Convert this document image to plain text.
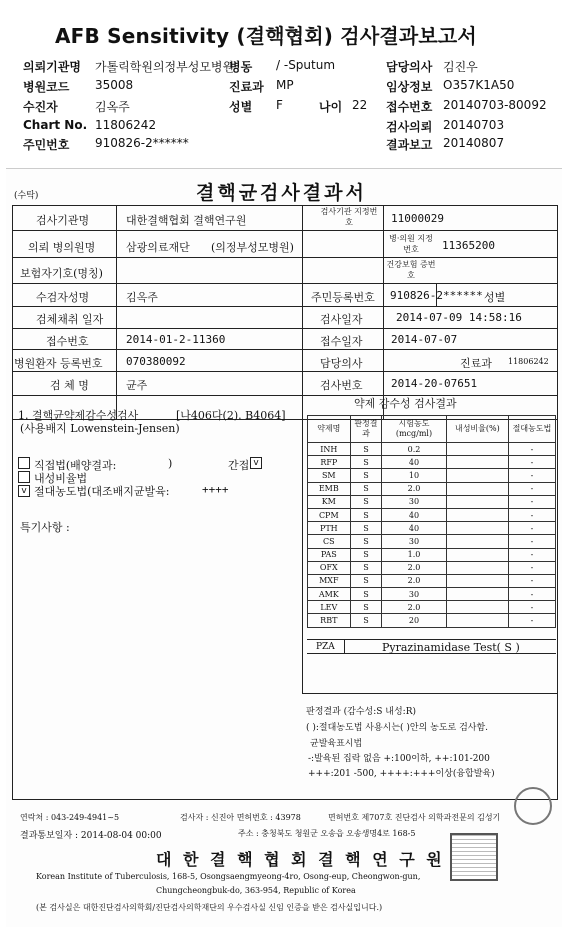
AFB Sensitivity (결핵협회) 검사결과보고서
의뢰기관명 가톨릭학원의정부성모병원
병원코드 35008
수진자	김옥주
Chart No. 11806242
주민번호 910826-2******
병동 / -Sputum
진료과 MP
성별 F	나이 22
담당의사 김진우
임상정보 O357K1A50
접수번호 20140703-80092
검사의뢰 20140703
결과보고 20140807
(수탁)	결핵균검사결과서
검사기관명	대한결핵협회 결핵연구원
검사기관 지정번호	11000029
의뢰 병의원명	삼광의료재단 (의정부성모병원)
병·의원 지정번호	11365200
보험자기호(명칭)
건강보험 증번호
수검자성명	김옥주	주민등록번호 910826-2****** 성별
검체채취 일자	검사일자	2014-07-09 14:58:16
접수번호	2014-01-2-11360	접수일자	2014-07-07
병원환자 등록번호 070380092	담당의사	진료과 11806242
검 체 명	균주	검사번호	2014-20-07651
1. 결핵균약제감수성검사	[나406다(2). B4064]
(사용배지 Lowenstein-Jensen)
직접법(배양결과:	)	간접 v
내성비율법
v 절대농도법(대조배지균발육:	++++
특기사항 :
약제 감수성 검사결과
약제명	판정결과	시험농도(mcg/ml)	내성비율(%)	절대농도법
INH	S	0.2		-
RFP	S	40		-
SM	S	10		-
EMB	S	2.0		-
KM	S	30		-
CPM	S	40		-
PTH	S	40		-
CS	S	30		-
PAS	S	1.0		-
OFX	S	2.0		-
MXF	S	2.0		-
AMK	S	30		-
LEV	S	2.0		-
RBT	S	20		-
PZA	Pyrazinamidase Test( S )
판정결과 (감수성:S 내성:R)
( ):절대농도법 사용시는( )안의 농도로 검사함.
균발육표시법
-:발육된 집락 없음 +:100이하, ++:101-200
+++:201 -500, ++++:+++이상(융합발육)
연락처 : 043-249-4941~5	검사자 : 신진아 면허번호 : 43978	면허번호 제707호 진단검사 의학과전문의 김성기
결과통보일자 : 2014-08-04 00:00	주소 : 충청북도 청원군 오송읍 오송생명4로 168-5
대 한 결 핵 협 회 결 핵 연 구 원
Korean Institute of Tuberculosis, 168-5, Osongsaengmyeong-4ro, Osong-eup, Cheongwon-gun,
Chungcheongbuk-do, 363-954, Republic of Korea
(본 검사실은 대한진단검사의학회/진단검사의학재단의 우수검사실 신임 인증을 받은 검사실입니다.)
